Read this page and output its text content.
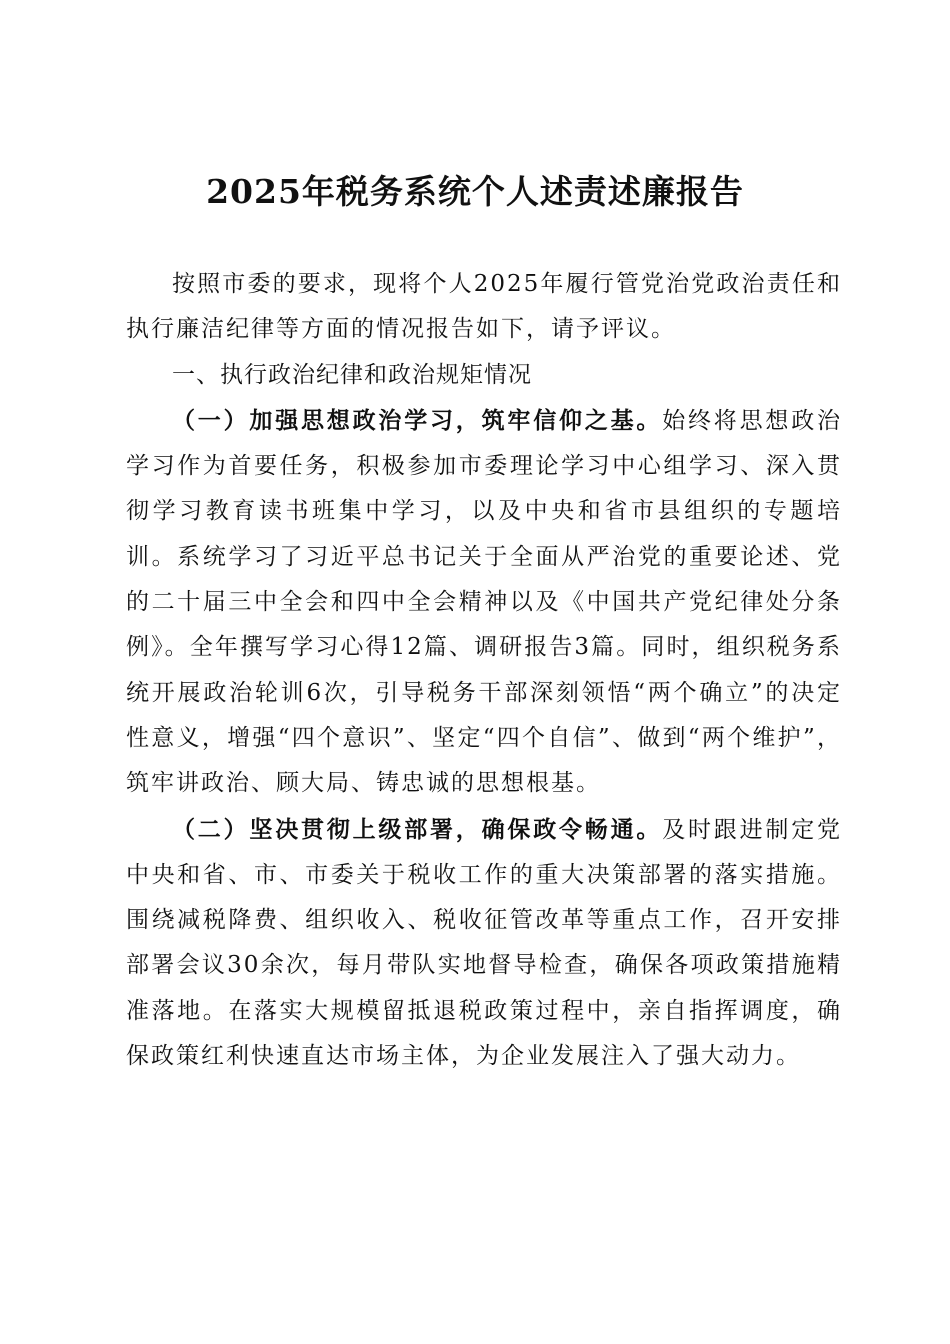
2025年税务系统个人述责述廉报告

按照市委的要求，现将个人2025年履行管党治党政治责任和执行廉洁纪律等方面的情况报告如下，请予评议。

一、执行政治纪律和政治规矩情况

（一）加强思想政治学习，筑牢信仰之基。始终将思想政治学习作为首要任务，积极参加市委理论学习中心组学习、深入贯彻学习教育读书班集中学习，以及中央和省市县组织的专题培训。系统学习了习近平总书记关于全面从严治党的重要论述、党的二十届三中全会和四中全会精神以及《中国共产党纪律处分条例》。全年撰写学习心得12篇、调研报告3篇。同时，组织税务系统开展政治轮训6次，引导税务干部深刻领悟“两个确立”的决定性意义，增强“四个意识”、坚定“四个自信”、做到“两个维护”，筑牢讲政治、顾大局、铸忠诚的思想根基。

（二）坚决贯彻上级部署，确保政令畅通。及时跟进制定党中央和省、市、市委关于税收工作的重大决策部署的落实措施。围绕减税降费、组织收入、税收征管改革等重点工作，召开安排部署会议30余次，每月带队实地督导检查，确保各项政策措施精准落地。在落实大规模留抵退税政策过程中，亲自指挥调度，确保政策红利快速直达市场主体，为企业发展注入了强大动力。
